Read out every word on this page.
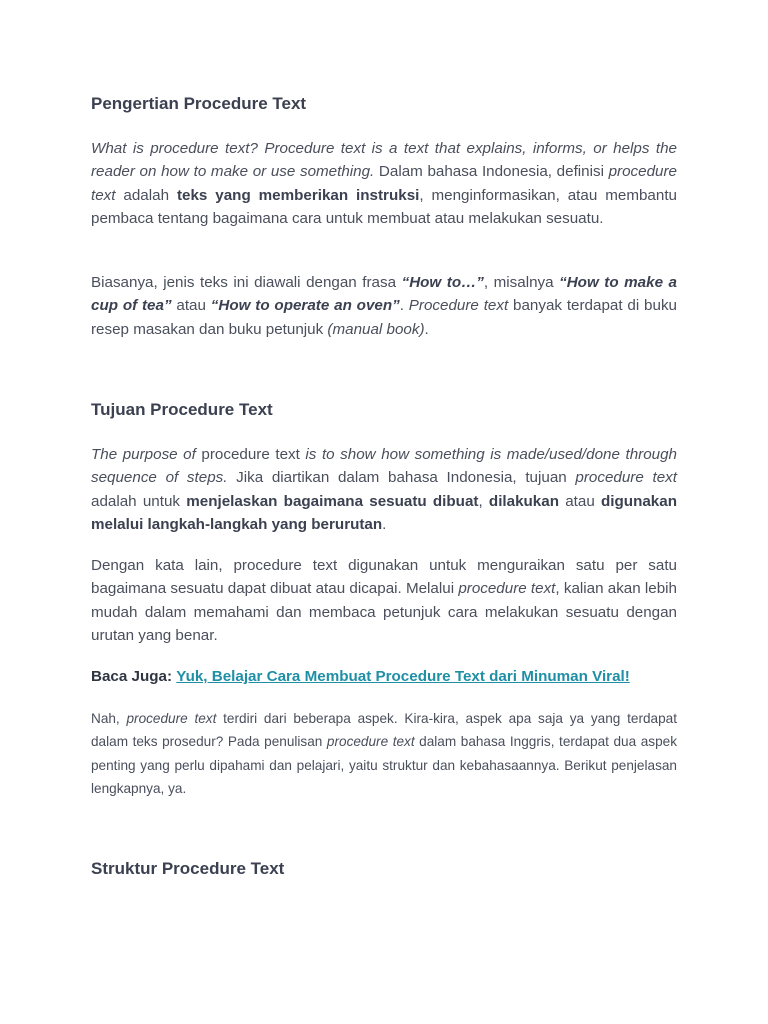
Pengertian Procedure Text

What is procedure text? Procedure text is a text that explains, informs, or helps the reader on how to make or use something. Dalam bahasa Indonesia, definisi procedure text adalah teks yang memberikan instruksi, menginformasikan, atau membantu pembaca tentang bagaimana cara untuk membuat atau melakukan sesuatu.

Biasanya, jenis teks ini diawali dengan frasa “How to…”, misalnya “How to make a cup of tea” atau “How to operate an oven”. Procedure text banyak terdapat di buku resep masakan dan buku petunjuk (manual book).

Tujuan Procedure Text

The purpose of procedure text is to show how something is made/used/done through sequence of steps. Jika diartikan dalam bahasa Indonesia, tujuan procedure text adalah untuk menjelaskan bagaimana sesuatu dibuat, dilakukan atau digunakan melalui langkah-langkah yang berurutan.

Dengan kata lain, procedure text digunakan untuk menguraikan satu per satu bagaimana sesuatu dapat dibuat atau dicapai. Melalui procedure text, kalian akan lebih mudah dalam memahami dan membaca petunjuk cara melakukan sesuatu dengan urutan yang benar.

Baca Juga: Yuk, Belajar Cara Membuat Procedure Text dari Minuman Viral!

Nah, procedure text terdiri dari beberapa aspek. Kira-kira, aspek apa saja ya yang terdapat dalam teks prosedur? Pada penulisan procedure text dalam bahasa Inggris, terdapat dua aspek penting yang perlu dipahami dan pelajari, yaitu struktur dan kebahasaannya. Berikut penjelasan lengkapnya, ya.

Struktur Procedure Text
